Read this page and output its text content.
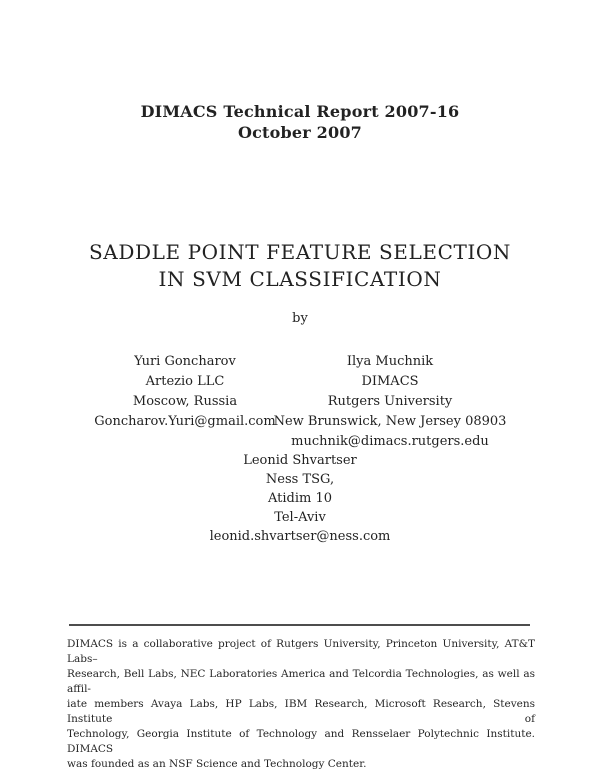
DIMACS Technical Report 2007-16
October 2007
SADDLE POINT FEATURE SELECTION
IN SVM CLASSIFICATION
by
Yuri Goncharov
Artezio LLC
Moscow, Russia
Goncharov.Yuri@gmail.com
Ilya Muchnik
DIMACS
Rutgers University
New Brunswick, New Jersey 08903
muchnik@dimacs.rutgers.edu
Leonid Shvartser
Ness TSG,
Atidim 10
Tel-Aviv
leonid.shvartser@ness.com
DIMACS is a collaborative project of Rutgers University, Princeton University, AT&T Labs–
Research, Bell Labs, NEC Laboratories America and Telcordia Technologies, as well as affil-
iate members Avaya Labs, HP Labs, IBM Research, Microsoft Research, Stevens Institute of
Technology, Georgia Institute of Technology and Rensselaer Polytechnic Institute. DIMACS
was founded as an NSF Science and Technology Center.
